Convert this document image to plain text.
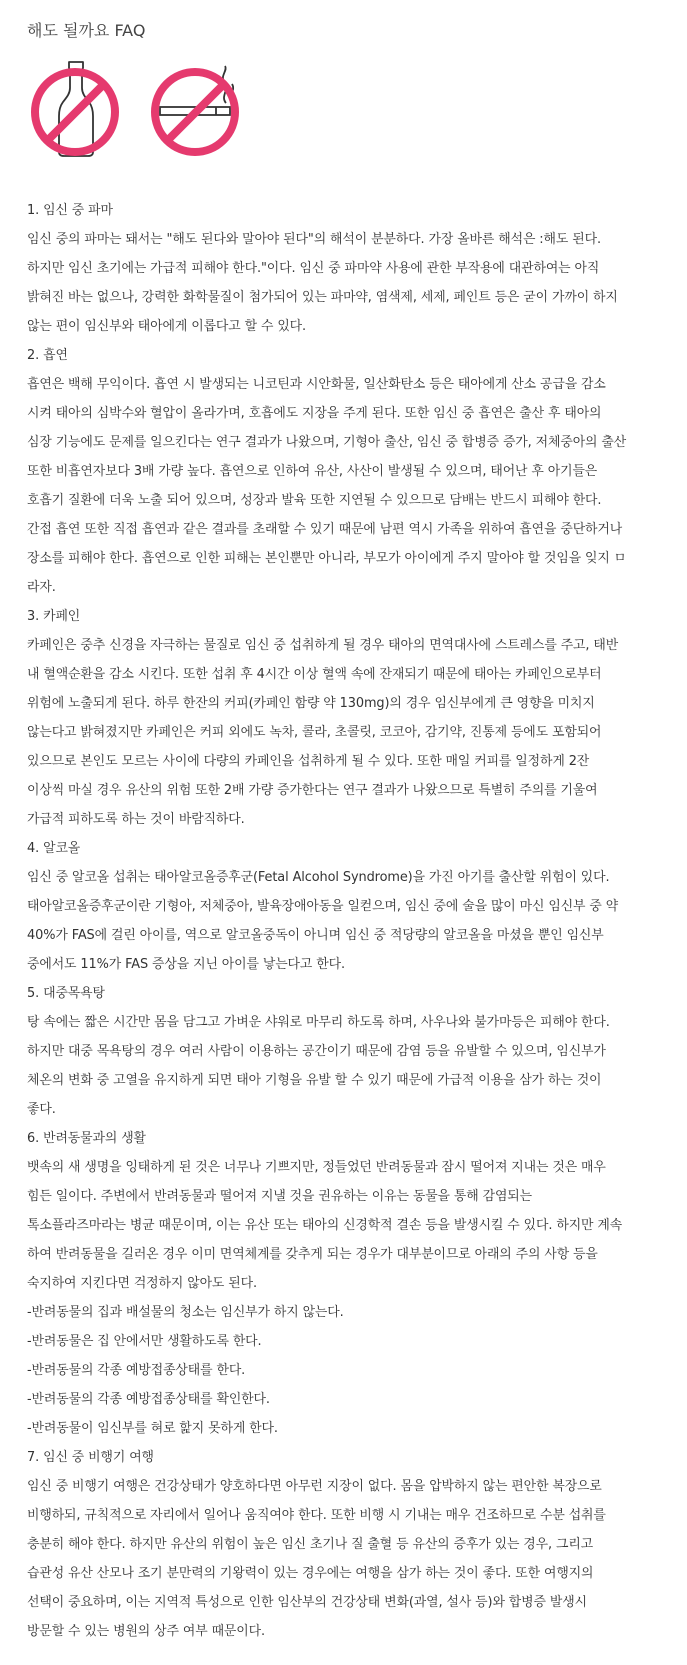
해도 될까요 FAQ
1. 임신 중 파마
임신 중의 파마는 돼서는 "해도 된다와 말아야 된다"의 해석이 분분하다. 가장 올바른 해석은 :해도 된다.
하지만 임신 초기에는 가급적 피해야 한다."이다. 임신 중 파마약 사용에 관한 부작용에 대관하여는 아직
밝혀진 바는 없으나, 강력한 화학물질이 첨가되어 있는 파마약, 염색제, 세제, 페인트 등은 굳이 가까이 하지
않는 편이 임신부와 태아에게 이롭다고 할 수 있다.
2. 흡연
흡연은 백해 무익이다. 흡연 시 발생되는 니코틴과 시안화물, 일산화탄소 등은 태아에게 산소 공급을 감소
시켜 태아의 심박수와 혈압이 올라가며, 호흡에도 지장을 주게 된다. 또한 임신 중 흡연은 출산 후 태아의
심장 기능에도 문제를 일으킨다는 연구 결과가 나왔으며, 기형아 출산, 임신 중 합병증 증가, 저체중아의 출산
또한 비흡연자보다 3배 가량 높다. 흡연으로 인하여 유산, 사산이 발생될 수 있으며, 태어난 후 아기들은
호흡기 질환에 더욱 노출 되어 있으며, 성장과 발육 또한 지연될 수 있으므로 담배는 반드시 피해야 한다.
간접 흡연 또한 직접 흡연과 같은 결과를 초래할 수 있기 때문에 남편 역시 가족을 위하여 흡연을 중단하거나
장소를 피해야 한다. 흡연으로 인한 피해는 본인뿐만 아니라, 부모가 아이에게 주지 말아야 할 것임을 잊지 ㅁ
라자.
3. 카페인
카페인은 중추 신경을 자극하는 물질로 임신 중 섭취하게 될 경우 태아의 면역대사에 스트레스를 주고, 태반
내 혈액순환을 감소 시킨다. 또한 섭취 후 4시간 이상 혈액 속에 잔재되기 때문에 태아는 카페인으로부터
위험에 노출되게 된다. 하루 한잔의 커피(카페인 함량 약 130mg)의 경우 임신부에게 큰 영향을 미치지
않는다고 밝혀졌지만 카페인은 커피 외에도 녹차, 콜라, 초콜릿, 코코아, 감기약, 진통제 등에도 포함되어
있으므로 본인도 모르는 사이에 다량의 카페인을 섭취하게 될 수 있다. 또한 매일 커피를 일정하게 2잔
이상씩 마실 경우 유산의 위험 또한 2배 가량 증가한다는 연구 결과가 나왔으므로 특별히 주의를 기울여
가급적 피하도록 하는 것이 바람직하다.
4. 알코올
임신 중 알코올 섭취는 태아알코올증후군(Fetal Alcohol Syndrome)을 가진 아기를 출산할 위험이 있다.
태아알코올증후군이란 기형아, 저체중아, 발육장애아동을 일컫으며, 임신 중에 술을 많이 마신 임신부 중 약
40%가 FAS에 걸린 아이를, 역으로 알코올중독이 아니며 임신 중 적당량의 알코올을 마셨을 뿐인 임신부
중에서도 11%가 FAS 증상을 지닌 아이를 낳는다고 한다.
5. 대중목욕탕
탕 속에는 짧은 시간만 몸을 담그고 가벼운 샤워로 마무리 하도록 하며, 사우나와 불가마등은 피해야 한다.
하지만 대중 목욕탕의 경우 여러 사람이 이용하는 공간이기 때문에 감염 등을 유발할 수 있으며, 임신부가
체온의 변화 중 고열을 유지하게 되면 태아 기형을 유발 할 수 있기 때문에 가급적 이용을 삼가 하는 것이
좋다.
6. 반려동물과의 생활
뱃속의 새 생명을 잉태하게 된 것은 너무나 기쁘지만, 정들었던 반려동물과 잠시 떨어져 지내는 것은 매우
힘든 일이다. 주변에서 반려동물과 떨어져 지낼 것을 권유하는 이유는 동물을 통해 감염되는
톡소플라즈마라는 병균 때문이며, 이는 유산 또는 태아의 신경학적 결손 등을 발생시킬 수 있다. 하지만 계속
하여 반려동물을 길러온 경우 이미 면역체계를 갖추게 되는 경우가 대부분이므로 아래의 주의 사항 등을
숙지하여 지킨다면 걱정하지 않아도 된다.
-반려동물의 집과 배설물의 청소는 임신부가 하지 않는다.
-반려동물은 집 안에서만 생활하도록 한다.
-반려동물의 각종 예방접종상태를 한다.
-반려동물의 각종 예방접종상태를 확인한다.
-반려동물이 임신부를 혀로 핥지 못하게 한다.
7. 임신 중 비행기 여행
임신 중 비행기 여행은 건강상태가 양호하다면 아무런 지장이 없다. 몸을 압박하지 않는 편안한 복장으로
비행하되, 규칙적으로 자리에서 일어나 움직여야 한다. 또한 비행 시 기내는 매우 건조하므로 수분 섭취를
충분히 해야 한다. 하지만 유산의 위험이 높은 임신 초기나 질 출혈 등 유산의 증후가 있는 경우, 그리고
습관성 유산 산모나 조기 분만력의 기왕력이 있는 경우에는 여행을 삼가 하는 것이 좋다. 또한 여행지의
선택이 중요하며, 이는 지역적 특성으로 인한 임산부의 건강상태 변화(과열, 설사 등)와 합병증 발생시
방문할 수 있는 병원의 상주 여부 때문이다.
